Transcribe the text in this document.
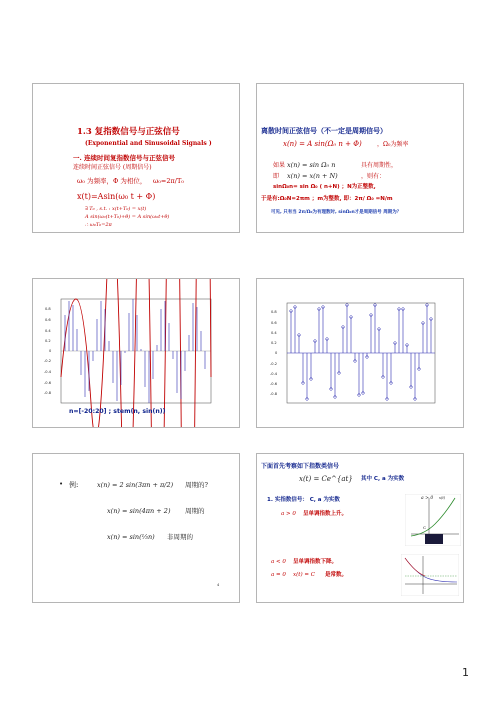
1.3 复指数信号与正弦信号
(Exponential and Sinusoidal Signals )
一. 连续时间复指数信号与正弦信号
连续时间正弦信号 (周期信号)
ω₀ 为频率，Φ 为相位， ω₀=2π/T₀
x(t)=Asin(ω₀ t + Φ)
∃ T₀ , s.t. : x(t+T₀) = x(t)
A sin(ω₀(t+T₀)+θ) = A sin(ω₀t+θ)
∴ ω₀T₀=2π
离散时间正弦信号（不一定是周期信号）
x(n) = A sin(Ω₀ n + Φ)	，Ω₀为频率
如果 x(n) = sin Ω₀ n	具有周期性，
即 x(n) = x(n + N)	，则有：
sinΩ₀n= sin Ω₀ ( n+N) ；N为正整数,
于是有:Ω₀N=2πm ；m为整数, 即：2π/ Ω₀ =N/m
可见, 只有当 2π/Ω₀为有理数时, sinΩ₀n才是周期信号 周期为？
0.8
0.6
0.4
0.2
0
-0.2
-0.4
-0.6
-0.8
n=[-20:20] ; stem(n, sin(n))
0.8
0.6
0.4
0.2
0
-0.2
-0.4
-0.6
-0.8
• 例:	x(n) = 2 sin(3πn + π/2) 周期的?
x(n) = sin(4πn + 2) 周期的
x(n) = sin(⅓n) 非周期的
4
下面首先考察如下指数类信号
x(t) = Ce^{at} 其中 C, a 为实数
1. 实指数信号： C, a 为实数
a > 0 呈单调指数上升。
a > 0 x(t)
C
a < 0 呈单调指数下降。
a = 0 x(t) = C 是常数。
1
